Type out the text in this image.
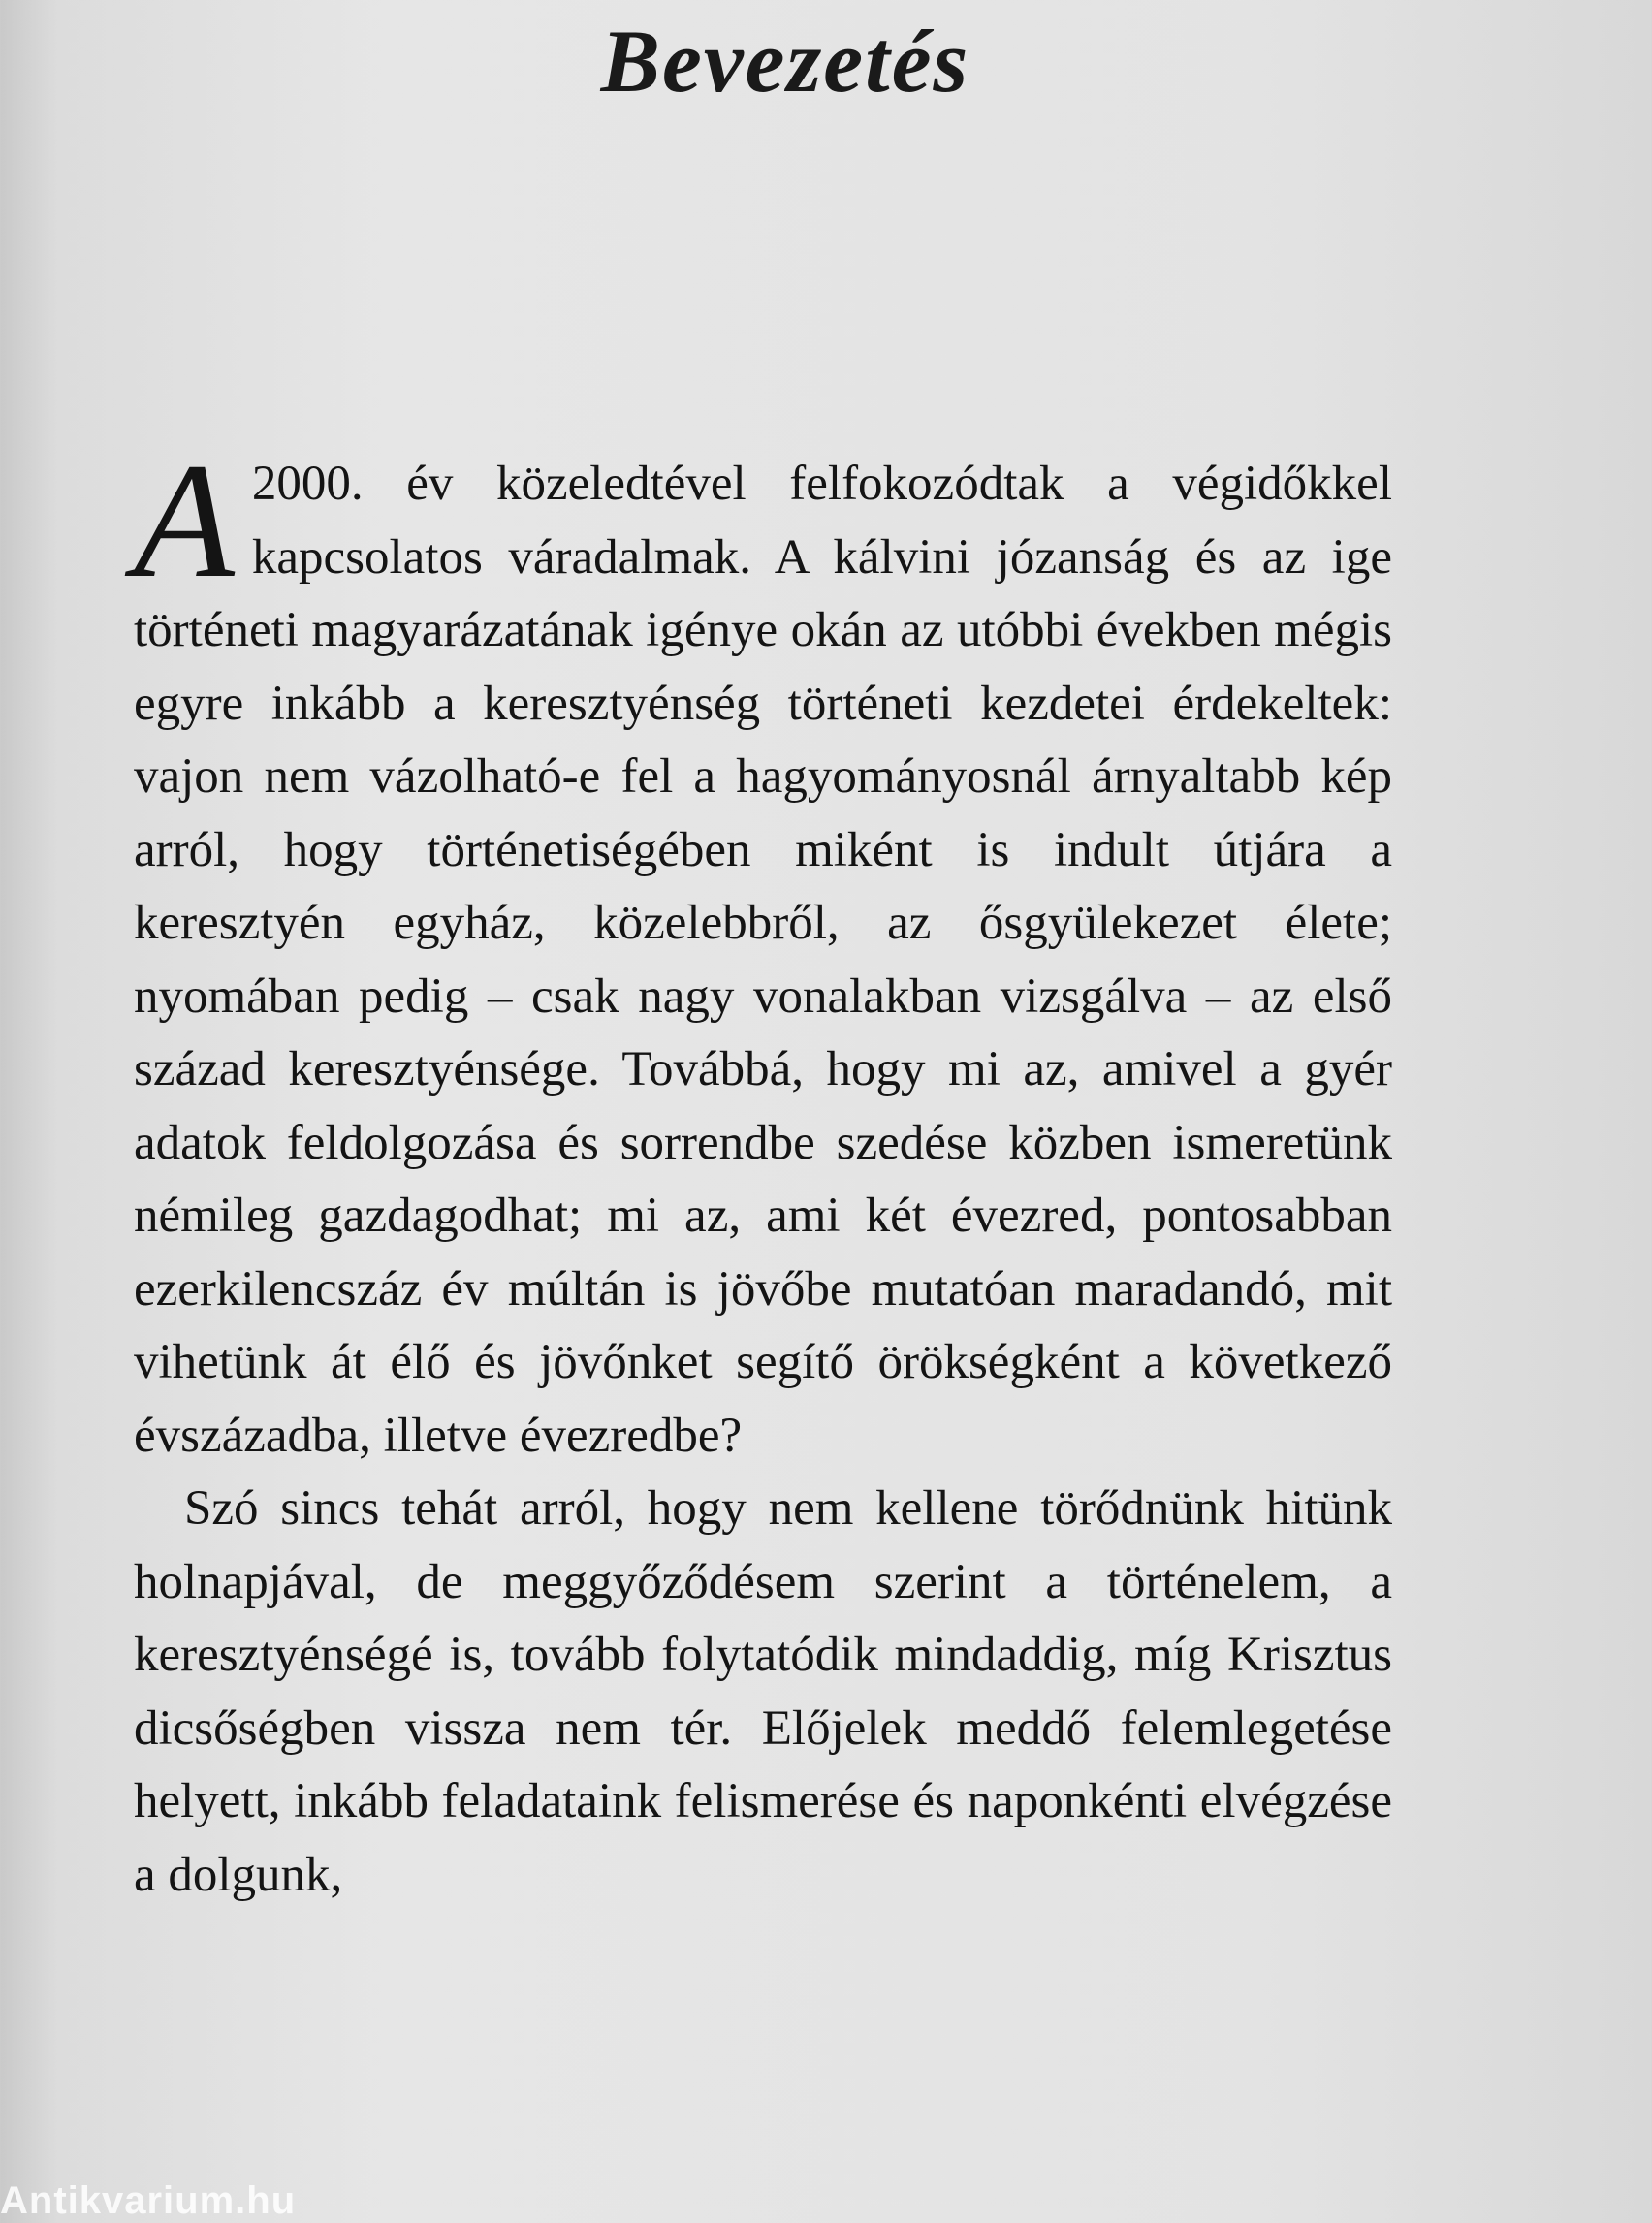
Bevezetés

A 2000. év közeledtével felfokozódtak a végidőkkel kapcsolatos váradalmak. A kálvini józanság és az ige történeti magyarázatának igénye okán az utóbbi években mégis egyre inkább a keresztyénség történeti kezdetei érdekeltek: vajon nem vázolható-e fel a hagyományosnál árnyaltabb kép arról, hogy történetiségében miként is indult útjára a keresztyén egyház, közelebbről, az ősgyülekezet élete; nyomában pedig – csak nagy vonalakban vizsgálva – az első század keresztyénsége. Továbbá, hogy mi az, amivel a gyér adatok feldolgozása és sorrendbe szedése közben ismeretünk némileg gazdagodhat; mi az, ami két évezred, pontosabban ezerkilencszáz év múltán is jövőbe mutatóan maradandó, mit vihetünk át élő és jövőnket segítő örökségként a következő évszázadba, illetve évezredbe?

Szó sincs tehát arról, hogy nem kellene törődnünk hitünk holnapjával, de meggyőződésem szerint a történelem, a keresztyénségé is, tovább folytatódik mindaddig, míg Krisztus dicsőségben vissza nem tér. Előjelek meddő felemlegetése helyett, inkább feladataink felismerése és naponkénti elvégzése a dolgunk,

Antikvarium.hu
